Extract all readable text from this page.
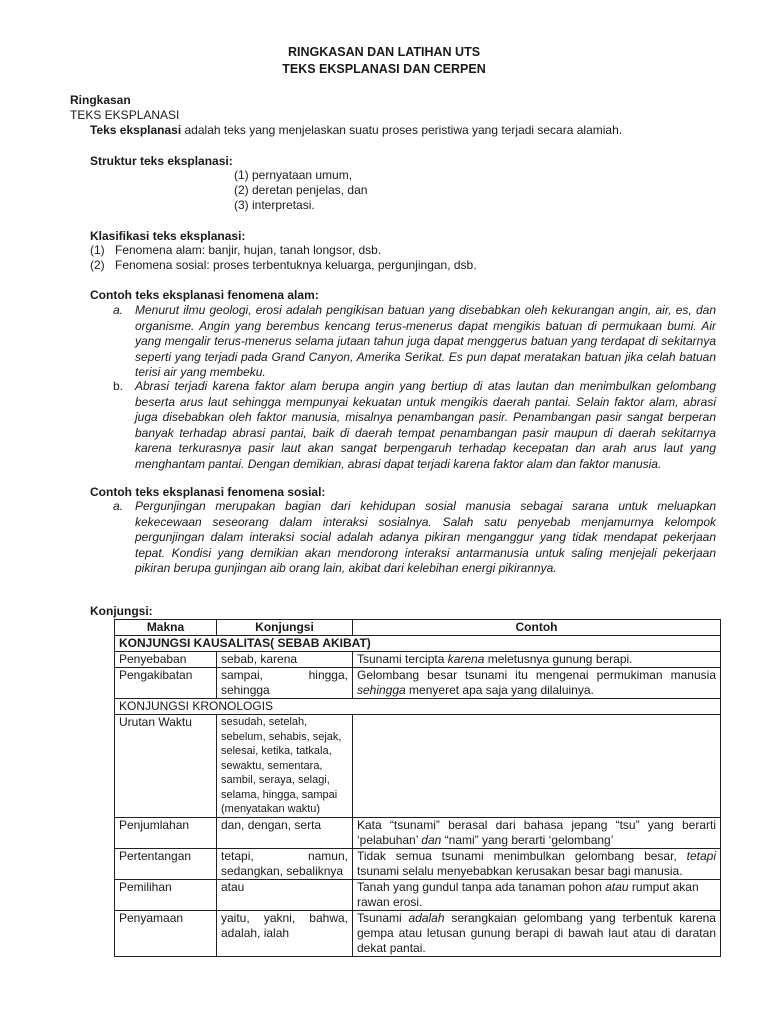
RINGKASAN DAN LATIHAN UTS
TEKS EKSPLANASI DAN CERPEN
Ringkasan
TEKS EKSPLANASI
Teks eksplanasi adalah teks yang menjelaskan suatu proses peristiwa yang terjadi secara alamiah.
Struktur teks eksplanasi:
(1) pernyataan umum,
(2) deretan penjelas, dan
(3) interpretasi.
Klasifikasi teks eksplanasi:
(1) Fenomena alam: banjir, hujan, tanah longsor, dsb.
(2) Fenomena sosial: proses terbentuknya keluarga, pergunjingan, dsb.
Contoh teks eksplanasi fenomena alam:
a. Menurut ilmu geologi, erosi adalah pengikisan batuan yang disebabkan oleh kekurangan angin, air, es, dan organisme. Angin yang berembus kencang terus-menerus dapat mengikis batuan di permukaan bumi. Air yang mengalir terus-menerus selama jutaan tahun juga dapat menggerus batuan yang terdapat di sekitarnya seperti yang terjadi pada Grand Canyon, Amerika Serikat. Es pun dapat meratakan batuan jika celah batuan terisi air yang membeku.
b. Abrasi terjadi karena faktor alam berupa angin yang bertiup di atas lautan dan menimbulkan gelombang beserta arus laut sehingga mempunyai kekuatan untuk mengikis daerah pantai. Selain faktor alam, abrasi juga disebabkan oleh faktor manusia, misalnya penambangan pasir. Penambangan pasir sangat berperan banyak terhadap abrasi pantai, baik di daerah tempat penambangan pasir maupun di daerah sekitarnya karena terkurasnya pasir laut akan sangat berpengaruh terhadap kecepatan dan arah arus laut yang menghantam pantai. Dengan demikian, abrasi dapat terjadi karena faktor alam dan faktor manusia.
Contoh teks eksplanasi fenomena sosial:
a. Pergunjingan merupakan bagian dari kehidupan sosial manusia sebagai sarana untuk meluapkan kekecewaan seseorang dalam interaksi sosialnya. Salah satu penyebab menjamurnya kelompok pergunjingan dalam interaksi social adalah adanya pikiran menganggur yang tidak mendapat pekerjaan tepat. Kondisi yang demikian akan mendorong interaksi antarmanusia untuk saling menjejali pekerjaan pikiran berupa gunjingan aib orang lain, akibat dari kelebihan energi pikirannya.
Konjungsi:
Makna	Konjungsi	Contoh
KONJUNGSI KAUSALITAS( SEBAB AKIBAT)		
Penyebaban	sebab, karena	Tsunami tercipta karena meletusnya gunung berapi.
Pengakibatan	sampai, hingga, sehingga	Gelombang besar tsunami itu mengenai permukiman manusia sehingga menyeret apa saja yang dilaluinya.
KONJUNGSI KRONOLOGIS		
Urutan Waktu	sesudah, setelah, sebelum, sehabis, sejak, selesai, ketika, tatkala, sewaktu, sementara, sambil, seraya, selagi, selama, hingga, sampai (menyatakan waktu)	
Penjumlahan	dan, dengan, serta	Kata “tsunami” berasal dari bahasa jepang “tsu” yang berarti ‘pelabuhan’ dan “nami” yang berarti ‘gelombang’
Pertentangan	tetapi, namun, sedangkan, sebaliknya	Tidak semua tsunami menimbulkan gelombang besar, tetapi tsunami selalu menyebabkan kerusakan besar bagi manusia.
Pemilihan	atau	Tanah yang gundul tanpa ada tanaman pohon atau rumput akan rawan erosi.
Penyamaan	yaitu, yakni, bahwa, adalah, ialah	Tsunami adalah serangkaian gelombang yang terbentuk karena gempa atau letusan gunung berapi di bawah laut atau di daratan dekat pantai.
